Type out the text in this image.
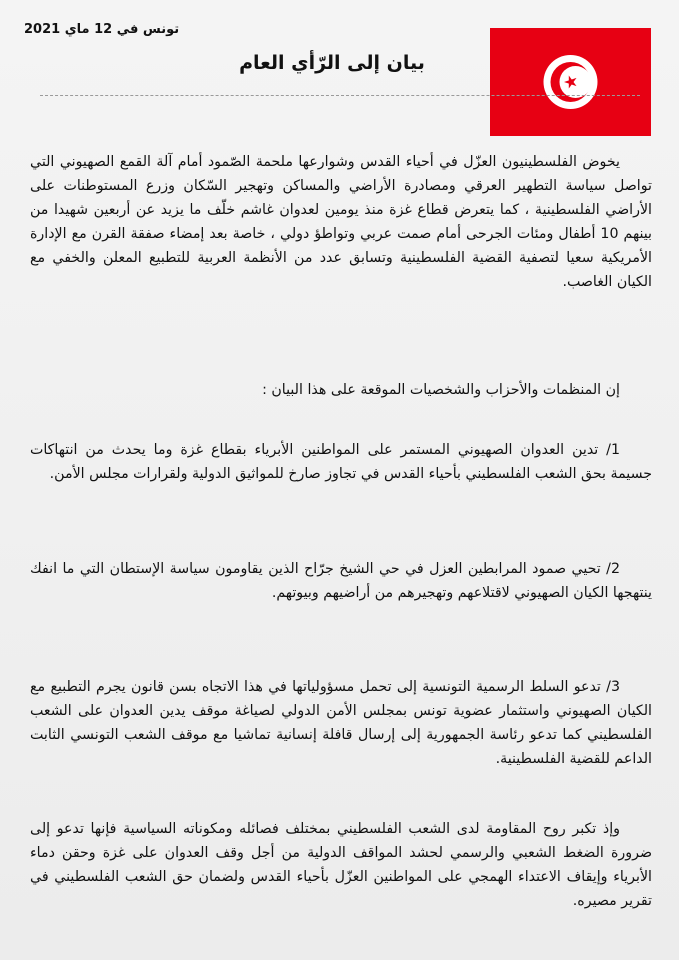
تونس في 12 ماي 2021
بيان إلى الرّأي العام
يخوض الفلسطينيون العزّل في أحياء القدس وشوارعها ملحمة الصّمود أمام آلة القمع الصهيوني التي تواصل سياسة التطهير العرقي ومصادرة الأراضي والمساكن وتهجير السّكان وزرع المستوطنات على الأراضي الفلسطينية ، كما يتعرض قطاع غزة منذ يومين لعدوان غاشم خلّف ما يزيد عن أربعين شهيدا من بينهم 10 أطفال ومئات الجرحى أمام صمت عربي وتواطؤ دولي ، خاصة بعد إمضاء صفقة القرن مع الإدارة الأمريكية سعيا لتصفية القضية الفلسطينية وتسابق عدد من الأنظمة العربية للتطبيع المعلن والخفي مع الكيان الغاصب.
إن المنظمات والأحزاب والشخصيات الموقعة على هذا البيان :
1/ تدين العدوان الصهيوني المستمر على المواطنين الأبرياء بقطاع غزة وما يحدث من انتهاكات جسيمة بحق الشعب الفلسطيني بأحياء القدس في تجاوز صارخ للمواثيق الدولية ولقرارات مجلس الأمن.
2/ تحيي صمود المرابطين العزل في حي الشيخ جرّاح الذين يقاومون سياسة الإستطان التي ما انفك ينتهجها الكيان الصهيوني لاقتلاعهم وتهجيرهم من أراضيهم وبيوتهم.
3/ تدعو السلط الرسمية التونسية إلى تحمل مسؤولياتها في هذا الاتجاه بسن قانون يجرم التطبيع مع الكيان الصهيوني واستثمار عضوية تونس بمجلس الأمن الدولي لصياغة موقف يدين العدوان على الشعب الفلسطيني كما تدعو رئاسة الجمهورية إلى إرسال قافلة إنسانية تماشيا مع موقف الشعب التونسي الثابت الداعم للقضية الفلسطينية.
وإذ تكبر روح المقاومة لدى الشعب الفلسطيني بمختلف فصائله ومكوناته السياسية فإنها تدعو إلى ضرورة الضغط الشعبي والرسمي لحشد المواقف الدولية من أجل وقف العدوان على غزة وحقن دماء الأبرياء وإيقاف الاعتداء الهمجي على المواطنين العزّل بأحياء القدس ولضمان حق الشعب الفلسطيني في تقرير مصيره.
